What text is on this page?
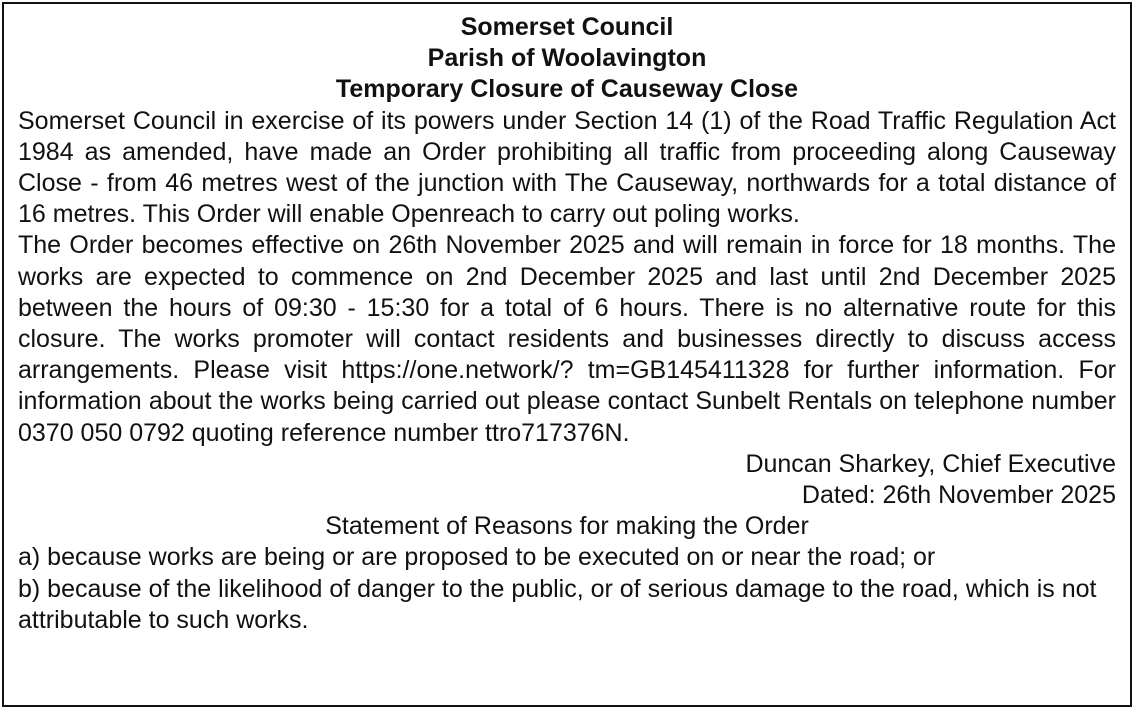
Somerset Council

Parish of Woolavington

Temporary Closure of Causeway Close

Somerset Council in exercise of its powers under Section 14 (1) of the Road Traffic Regulation Act 1984 as amended, have made an Order prohibiting all traffic from proceeding along Causeway Close - from 46 metres west of the junction with The Causeway, northwards for a total distance of 16 metres. This Order will enable Openreach to carry out poling works.

The Order becomes effective on 26th November 2025 and will remain in force for 18 months. The works are expected to commence on 2nd December 2025 and last until 2nd December 2025 between the hours of 09:30 - 15:30 for a total of 6 hours. There is no alternative route for this closure. The works promoter will contact residents and businesses directly to discuss access arrangements. Please visit https://one.network/? tm=GB145411328 for further information. For information about the works being carried out please contact Sunbelt Rentals on telephone number 0370 050 0792 quoting reference number ttro717376N.

Duncan Sharkey, Chief Executive

Dated: 26th November 2025

Statement of Reasons for making the Order

a) because works are being or are proposed to be executed on or near the road; or

b) because of the likelihood of danger to the public, or of serious damage to the road, which is not attributable to such works.
